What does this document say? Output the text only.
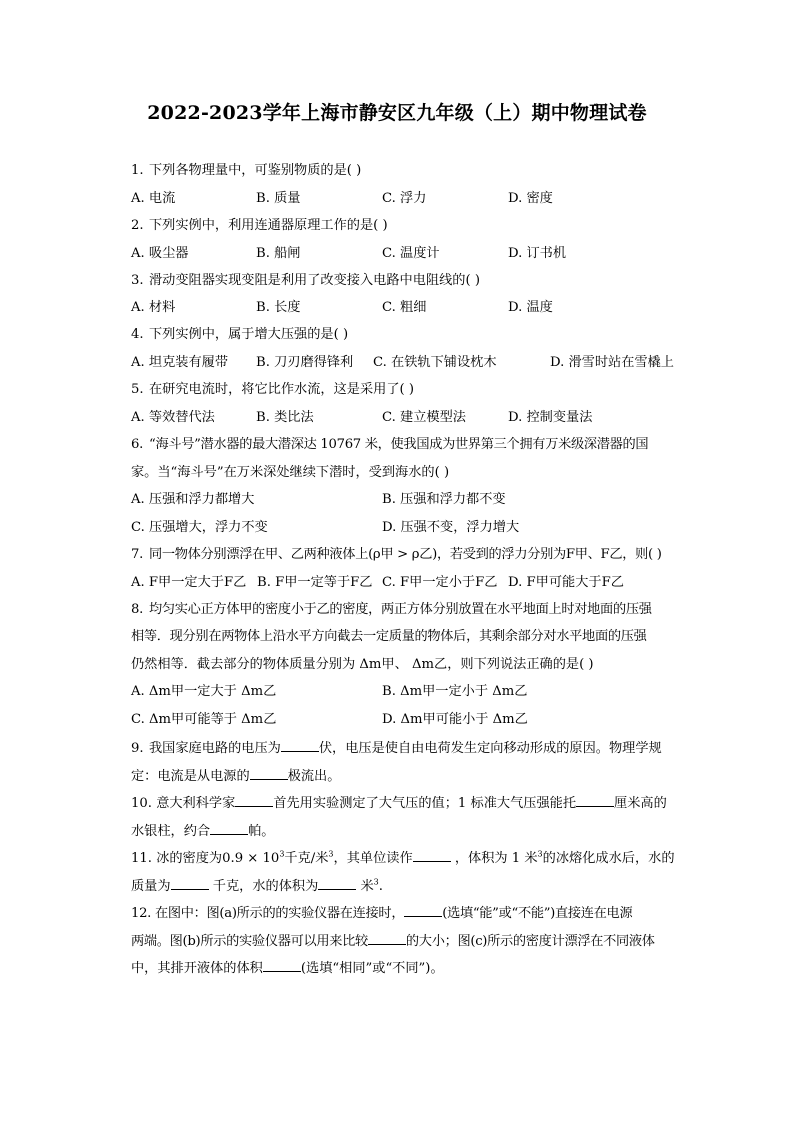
2022-2023学年上海市静安区九年级（上）期中物理试卷
1. 下列各物理量中，可鉴别物质的是( )
A. 电流	B. 质量	C. 浮力	D. 密度
2. 下列实例中，利用连通器原理工作的是( )
A. 吸尘器	B. 船闸	C. 温度计	D. 订书机
3. 滑动变阻器实现变阻是利用了改变接入电路中电阻线的( )
A. 材料	B. 长度	C. 粗细	D. 温度
4. 下列实例中，属于增大压强的是( )
A. 坦克装有履带 B. 刀刃磨得锋利 C. 在铁轨下铺设枕木	D. 滑雪时站在雪橇上
5. 在研究电流时，将它比作水流，这是采用了( )
A. 等效替代法	B. 类比法	C. 建立模型法	D. 控制变量法
6. “海斗号”潜水器的最大潜深达 10767 米，使我国成为世界第三个拥有万米级深潜器的国
家。当“海斗号”在万米深处继续下潜时，受到海水的( )
A. 压强和浮力都增大	B. 压强和浮力都不变
C. 压强增大，浮力不变	D. 压强不变，浮力增大
7. 同一物体分别漂浮在甲、乙两种液体上(ρ甲 > ρ乙)，若受到的浮力分别为F甲、F乙，则( )
A. F甲一定大于F乙 B. F甲一定等于F乙 C. F甲一定小于F乙 D. F甲可能大于F乙
8. 均匀实心正方体甲的密度小于乙的密度，两正方体分别放置在水平地面上时对地面的压强
相等．现分别在两物体上沿水平方向截去一定质量的物体后，其剩余部分对水平地面的压强
仍然相等．截去部分的物体质量分别为 Δm甲、 Δm乙，则下列说法正确的是( )
A. Δm甲一定大于 Δm乙	B. Δm甲一定小于 Δm乙
C. Δm甲可能等于 Δm乙	D. Δm甲可能小于 Δm乙
9. 我国家庭电路的电压为	伏，电压是使自由电荷发生定向移动形成的原因。物理学规
定：电流是从电源的	极流出。
10. 意大利科学家	首先用实验测定了大气压的值；1 标准大气压强能托	厘米高的
水银柱，约合	帕。
11. 冰的密度为$0.9 \times 10^3$千克/米$^3$，其单位读作	，体积为 1 米$^3$的冰熔化成水后，水的
质量为	千克，水的体积为	米$^3$.
12. 在图中：图(a)所示的的实验仪器在连接时，	(选填“能”或“不能”)直接连在电源
两端。图(b)所示的实验仪器可以用来比较	的大小；图(c)所示的密度计漂浮在不同液体
中，其排开液体的体积	(选填“相同”或“不同”)。
